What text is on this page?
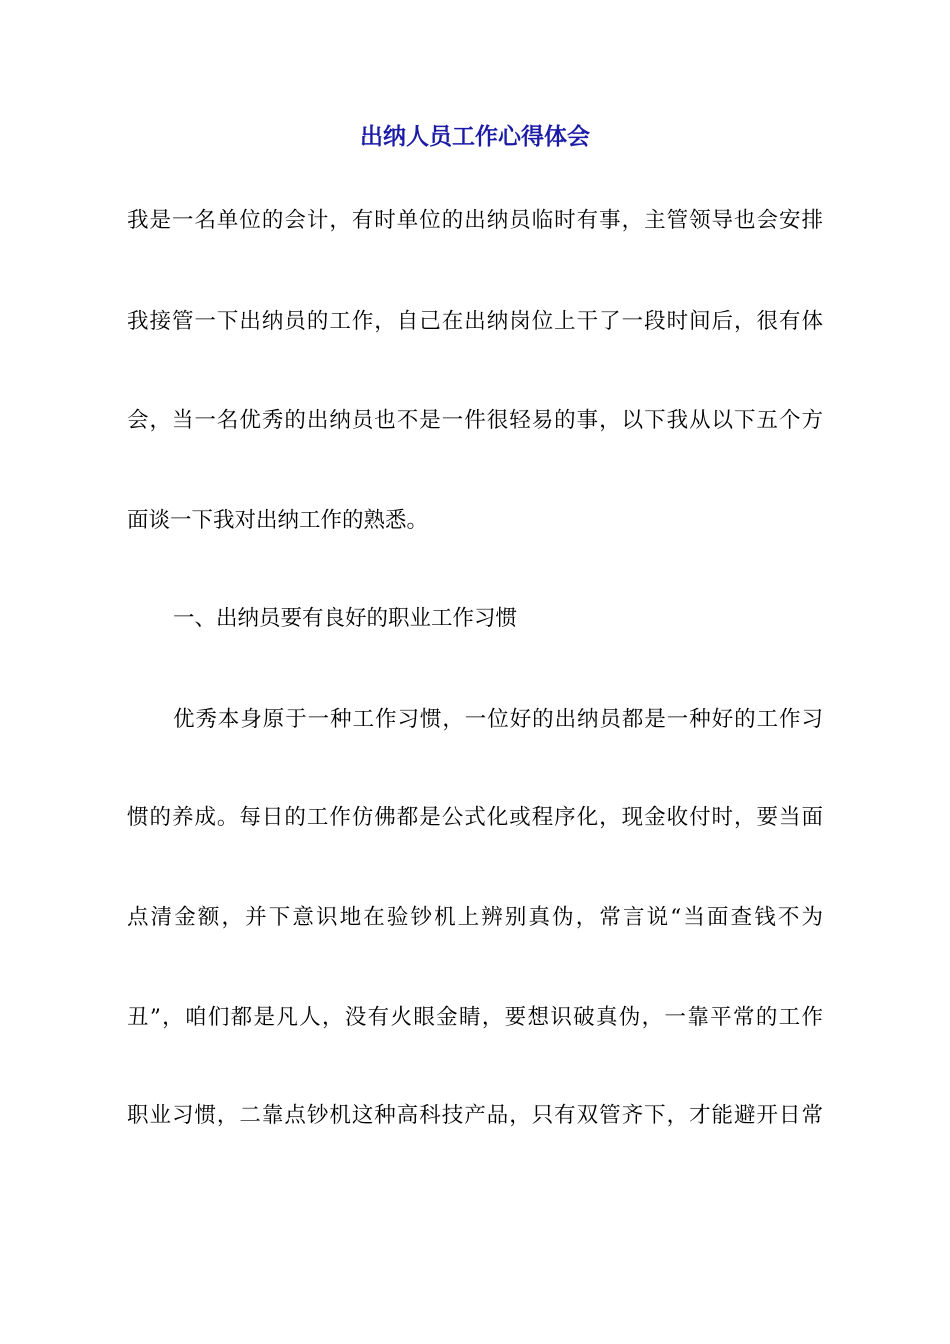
出纳人员工作心得体会

我是一名单位的会计，有时单位的出纳员临时有事，主管领导也会安排

我接管一下出纳员的工作，自己在出纳岗位上干了一段时间后，很有体

会，当一名优秀的出纳员也不是一件很轻易的事，以下我从以下五个方

面谈一下我对出纳工作的熟悉。

一、出纳员要有良好的职业工作习惯

优秀本身原于一种工作习惯，一位好的出纳员都是一种好的工作习

惯的养成。每日的工作仿佛都是公式化或程序化，现金收付时，要当面

点清金额，并下意识地在验钞机上辨别真伪，常言说“当面查钱不为

丑”，咱们都是凡人，没有火眼金睛，要想识破真伪，一靠平常的工作

职业习惯，二靠点钞机这种高科技产品，只有双管齐下，才能避开日常
